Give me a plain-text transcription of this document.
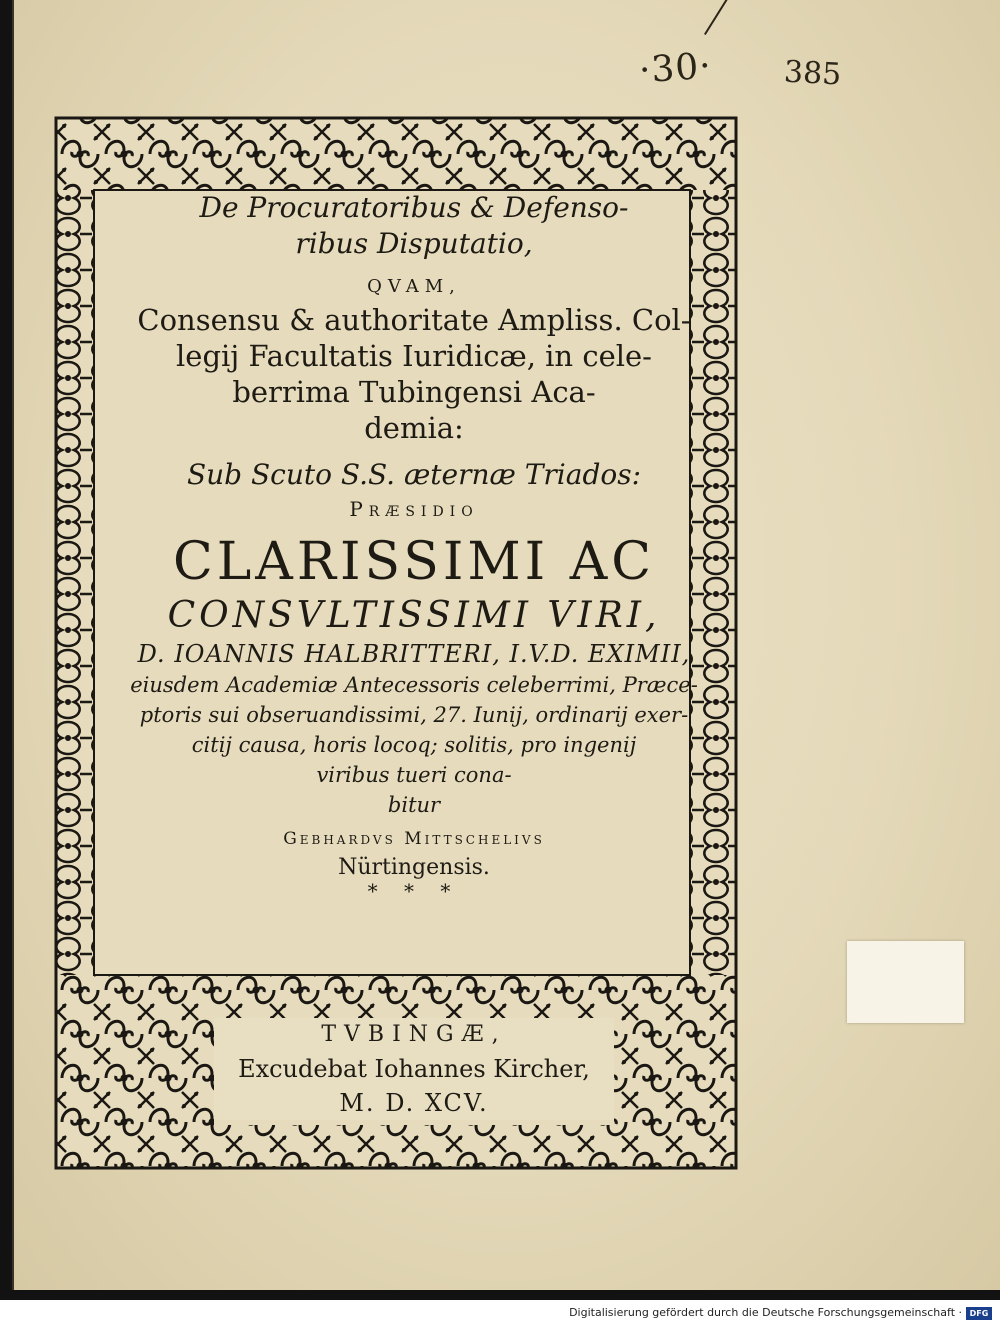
·30· 385
De Procuratoribus & Defenso-
ribus Disputatio,
QVAM,
Consensu & authoritate Ampliss. Col-
legij Facultatis Iuridicæ, in cele-
berrima Tubingensi Aca-
demia:
Sub Scuto S.S. æternæ Triados:
Præsidio
CLARISSIMI AC
CONSVLTISSIMI VIRI,
D. IOANNIS HALBRITTERI, I.V.D. EXIMII,
eiusdem Academiæ Antecessoris celeberrimi, Præce-
ptoris sui obseruandissimi, 27. Iunij, ordinarij exer-
citij causa, horis locoq; solitis, pro ingenij
viribus tueri cona-
bitur
Gebhardvs Mittschelivs
Nürtingensis.
* * *
TVBINGÆ,
Excudebat Iohannes Kircher,
M. D. XCV.
Digitalisierung gefördert durch die Deutsche Forschungsgemeinschaft · DFG
